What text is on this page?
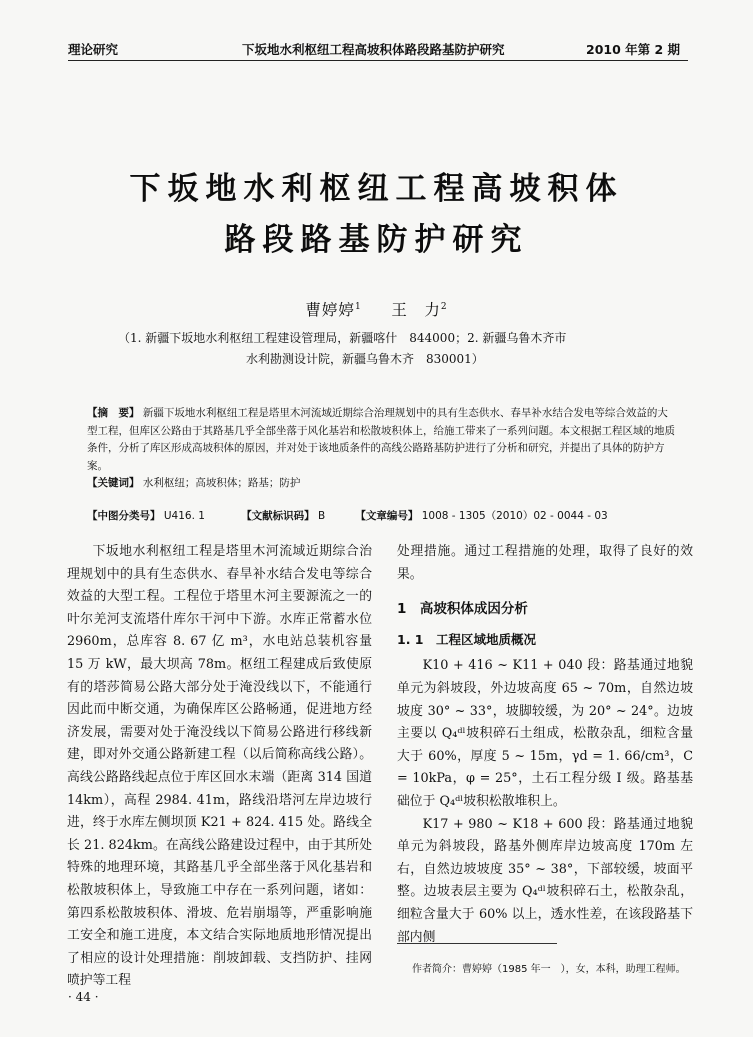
理论研究	下坂地水利枢纽工程高坡积体路段路基防护研究	2010 年第 2 期
下坂地水利枢纽工程高坡积体
路段路基防护研究
曹婷婷$^1$ 王　力$^2$
（1. 新疆下坂地水利枢纽工程建设管理局，新疆喀什　844000；2. 新疆乌鲁木齐市
水利勘测设计院，新疆乌鲁木齐　830001）
【摘　要】 新疆下坂地水利枢纽工程是塔里木河流域近期综合治理规划中的具有生态供水、春旱补水结合发电等综合效益的大型工程，但库区公路由于其路基几乎全部坐落于风化基岩和松散坡积体上，给施工带来了一系列问题。本文根据工程区域的地质条件，分析了库区形成高坡积体的原因，并对处于该地质条件的高线公路路基防护进行了分析和研究，并提出了具体的防护方案。
【关键词】 水利枢纽；高坡积体；路基；防护
【中图分类号】 U416. 1	【文献标识码】 B	【文章编号】 1008 - 1305（2010）02 - 0044 - 03

下坂地水利枢纽工程是塔里木河流域近期综合治理规划中的具有生态供水、春旱补水结合发电等综合效益的大型工程。工程位于塔里木河主要源流之一的叶尔羌河支流塔什库尔干河中下游。水库正常蓄水位 2960m，总库容 8. 67 亿 m³，水电站总装机容量 15 万 kW，最大坝高 78m。枢纽工程建成后致使原有的塔莎简易公路大部分处于淹没线以下，不能通行因此而中断交通，为确保库区公路畅通，促进地方经济发展，需要对处于淹没线以下简易公路进行移线新建，即对外交通公路新建工程（以后简称高线公路）。高线公路路线起点位于库区回水末端（距离 314 国道 14km），高程 2984. 41m，路线沿塔河左岸边坡行进，终于水库左侧坝顶 K21 + 824. 415 处。路线全长 21. 824km。在高线公路建设过程中，由于其所处特殊的地理环境，其路基几乎全部坐落于风化基岩和松散坡积体上，导致施工中存在一系列问题，诸如：第四系松散坡积体、滑坡、危岩崩塌等，严重影响施工安全和施工进度，本文结合实际地质地形情况提出了相应的设计处理措施：削坡卸载、支挡防护、挂网喷护等工程

处理措施。通过工程措施的处理，取得了良好的效果。

1　高坡积体成因分析
1. 1　工程区域地质概况

K10 + 416 ~ K11 + 040 段：路基通过地貌单元为斜坡段，外边坡高度 65 ~ 70m，自然边坡坡度 30° ~ 33°，坡脚较缓，为 20° ~ 24°。边坡主要以 Q₄ᵈˡ坡积碎石土组成，松散杂乱，细粒含量大于 60%，厚度 5 ~ 15m，γd = 1. 66/cm³，C = 10kPa，φ = 25°，土石工程分级 Ⅰ 级。路基基础位于 Q₄ᵈˡ坡积松散堆积上。

K17 + 980 ~ K18 + 600 段：路基通过地貌单元为斜坡段，路基外侧库岸边坡高度 170m 左右，自然边坡坡度 35° ~ 38°，下部较缓，坡面平整。边坡表层主要为 Q₄ᵈˡ坡积碎石土，松散杂乱，细粒含量大于 60% 以上，透水性差，在该段路基下部内侧

作者简介：曹婷婷（1985 年一　），女，本科，助理工程师。
· 44 ·
